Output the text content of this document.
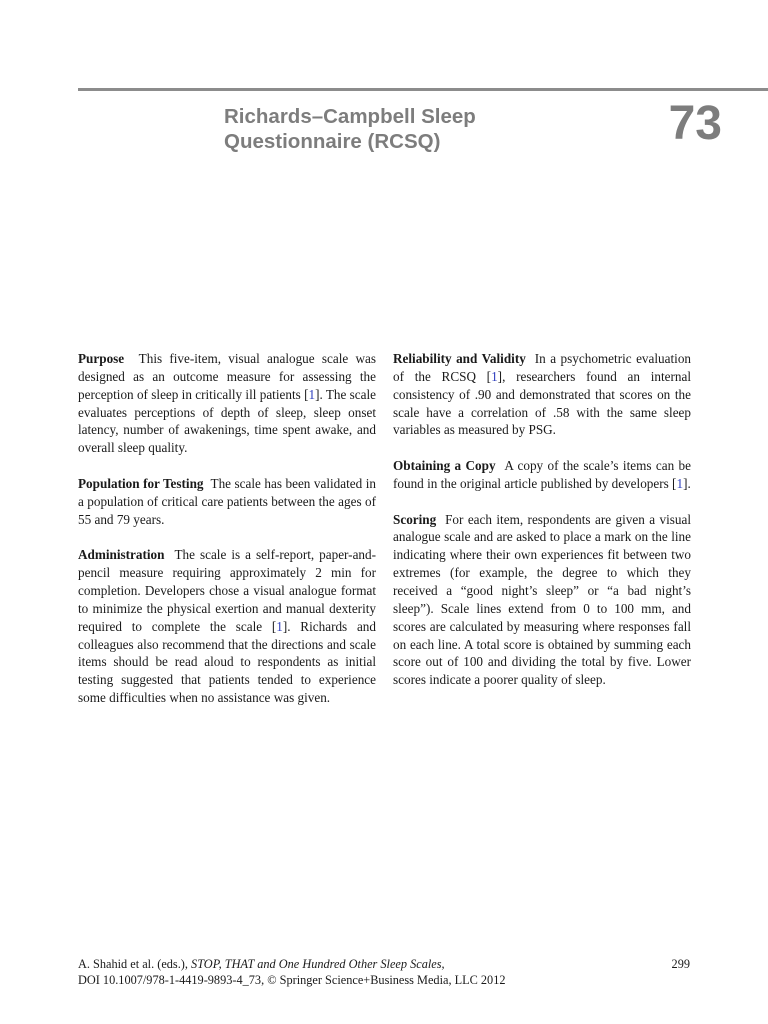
Richards–Campbell Sleep
Questionnaire (RCSQ)	73

Purpose This five-item, visual analogue scale was designed as an outcome measure for assessing the perception of sleep in critically ill patients [1]. The scale evaluates perceptions of depth of sleep, sleep onset latency, number of awakenings, time spent awake, and overall sleep quality.

Population for Testing The scale has been validated in a population of critical care patients between the ages of 55 and 79 years.

Administration The scale is a self-report, paper-and-pencil measure requiring approximately 2 min for completion. Developers chose a visual analogue format to minimize the physical exertion and manual dexterity required to complete the scale [1]. Richards and colleagues also recommend that the directions and scale items should be read aloud to respondents as initial testing suggested that patients tended to experience some difficulties when no assistance was given.

Reliability and Validity In a psychometric evaluation of the RCSQ [1], researchers found an internal consistency of .90 and demonstrated that scores on the scale have a correlation of .58 with the same sleep variables as measured by PSG.

Obtaining a Copy A copy of the scale’s items can be found in the original article published by developers [1].

Scoring For each item, respondents are given a visual analogue scale and are asked to place a mark on the line indicating where their own experiences fit between two extremes (for example, the degree to which they received a “good night’s sleep” or “a bad night’s sleep”). Scale lines extend from 0 to 100 mm, and scores are calculated by measuring where responses fall on each line. A total score is obtained by summing each score out of 100 and dividing the total by five. Lower scores indicate a poorer quality of sleep.

A. Shahid et al. (eds.), STOP, THAT and One Hundred Other Sleep Scales,
DOI 10.1007/978-1-4419-9893-4_73, © Springer Science+Business Media, LLC 2012
299
